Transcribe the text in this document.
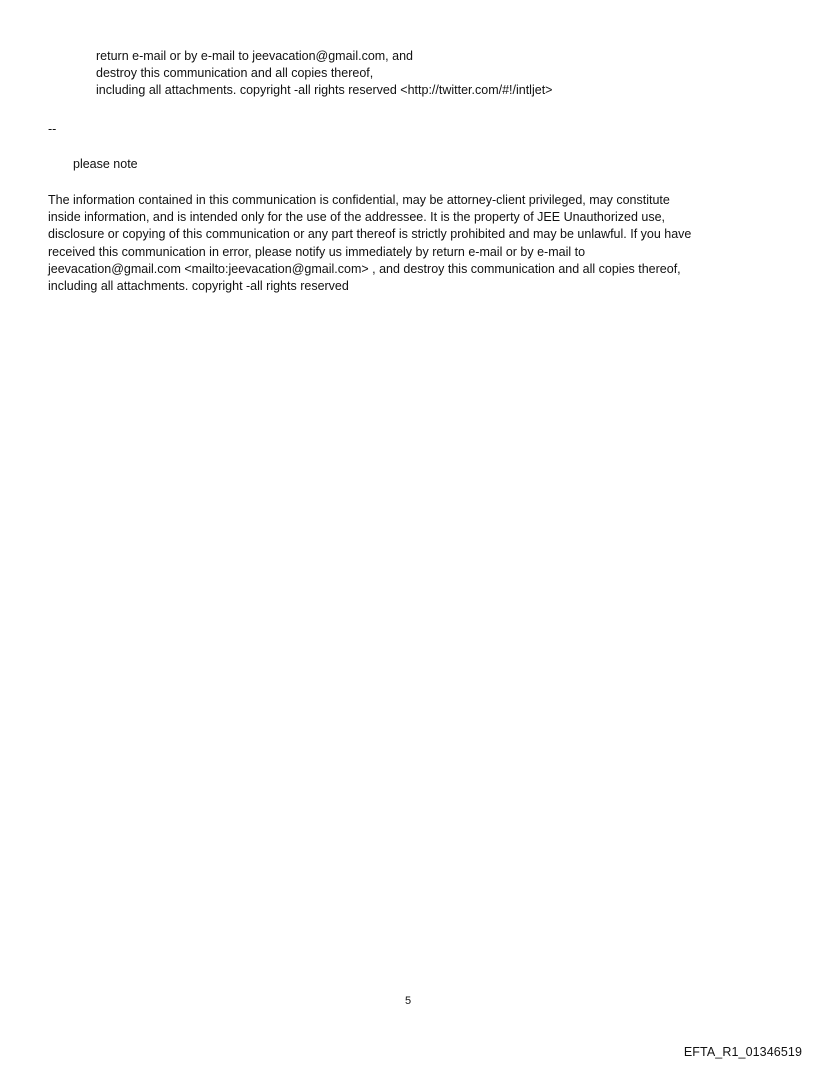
return e-mail or by e-mail to jeevacation@gmail.com, and
destroy this communication and all copies thereof,
including all attachments. copyright -all rights reserved <http://twitter.com/#!/intljet>
--
please note
The information contained in this communication is confidential, may be attorney-client privileged, may constitute
inside information, and is intended only for the use of the addressee. It is the property of JEE Unauthorized use,
disclosure or copying of this communication or any part thereof is strictly prohibited and may be unlawful. If you have
received this communication in error, please notify us immediately by return e-mail or by e-mail to
jeevacation@gmail.com <mailto:jeevacation@gmail.com> , and destroy this communication and all copies thereof,
including all attachments. copyright -all rights reserved
5
EFTA_R1_01346519
